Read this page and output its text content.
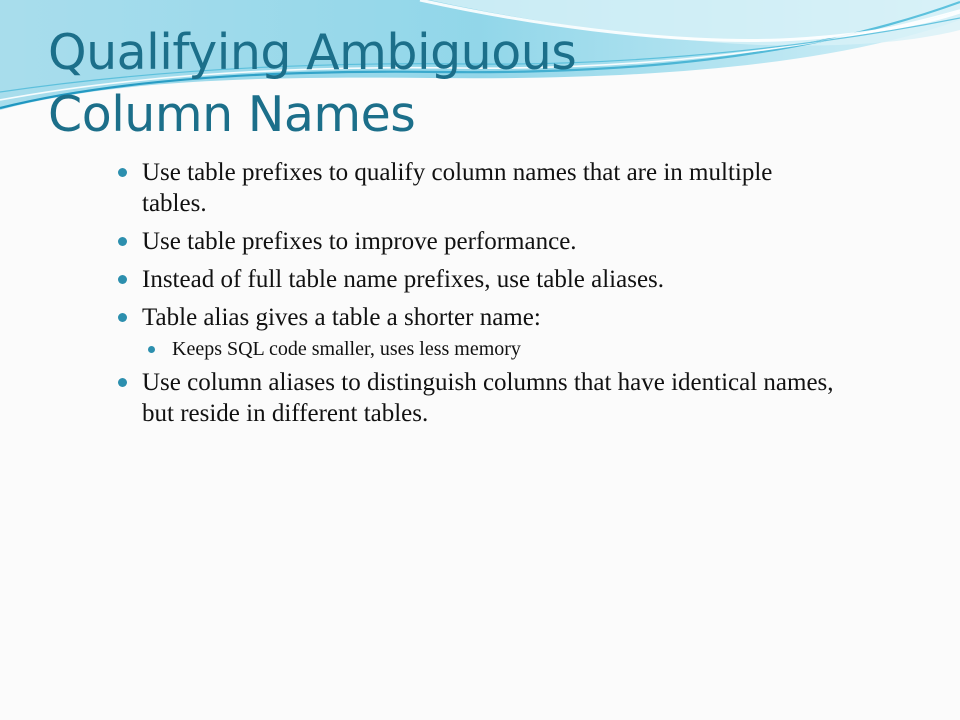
Qualifying Ambiguous
Column Names
Use table prefixes to qualify column names that are in multiple tables.
Use table prefixes to improve performance.
Instead of full table name prefixes, use table aliases.
Table alias gives a table a shorter name:
Keeps SQL code smaller, uses less memory
Use column aliases to distinguish columns that have identical names, but reside in different tables.
